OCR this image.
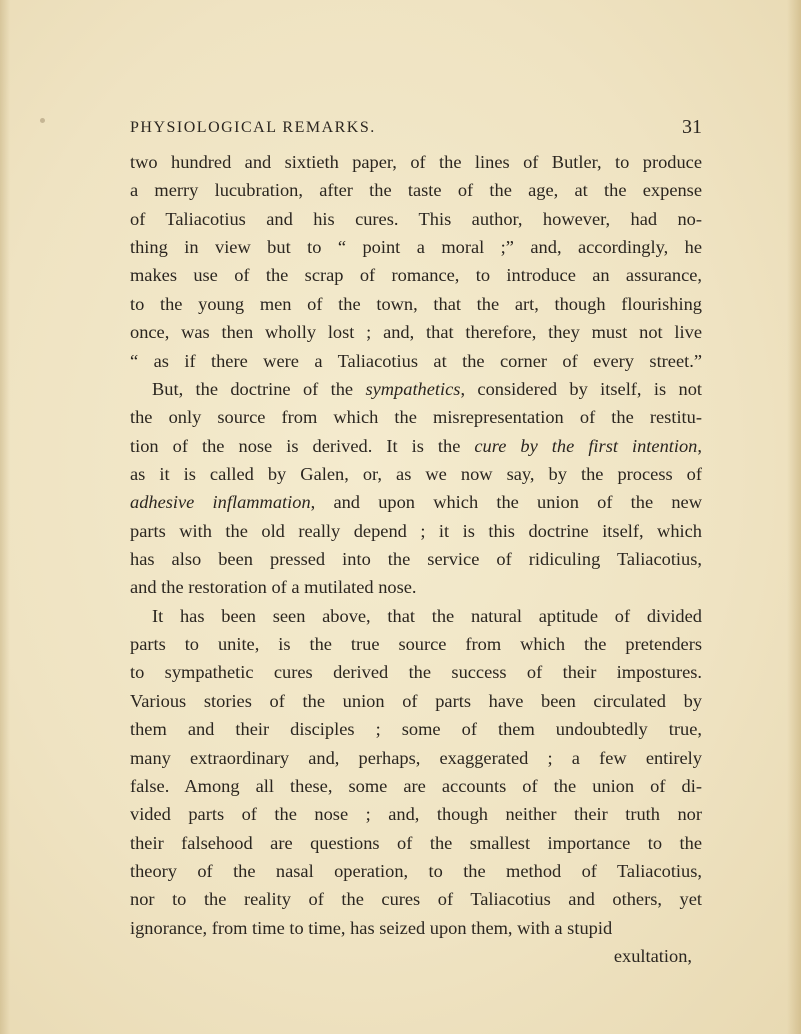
PHYSIOLOGICAL REMARKS.	31
two hundred and sixtieth paper, of the lines of Butler, to produce
a merry lucubration, after the taste of the age, at the expense
of Taliacotius and his cures. This author, however, had no-
thing in view but to “ point a moral ;” and, accordingly, he
makes use of the scrap of romance, to introduce an assurance,
to the young men of the town, that the art, though flourishing
once, was then wholly lost ; and, that therefore, they must not live
“ as if there were a Taliacotius at the corner of every street.”
But, the doctrine of the sympathetics, considered by itself, is not
the only source from which the misrepresentation of the restitu-
tion of the nose is derived. It is the cure by the first intention,
as it is called by Galen, or, as we now say, by the process of
adhesive inflammation, and upon which the union of the new
parts with the old really depend ; it is this doctrine itself, which
has also been pressed into the service of ridiculing Taliacotius,
and the restoration of a mutilated nose.
It has been seen above, that the natural aptitude of divided
parts to unite, is the true source from which the pretenders
to sympathetic cures derived the success of their impostures.
Various stories of the union of parts have been circulated by
them and their disciples ; some of them undoubtedly true,
many extraordinary and, perhaps, exaggerated ; a few entirely
false. Among all these, some are accounts of the union of di-
vided parts of the nose ; and, though neither their truth nor
their falsehood are questions of the smallest importance to the
theory of the nasal operation, to the method of Taliacotius,
nor to the reality of the cures of Taliacotius and others, yet
ignorance, from time to time, has seized upon them, with a stupid
exultation,
